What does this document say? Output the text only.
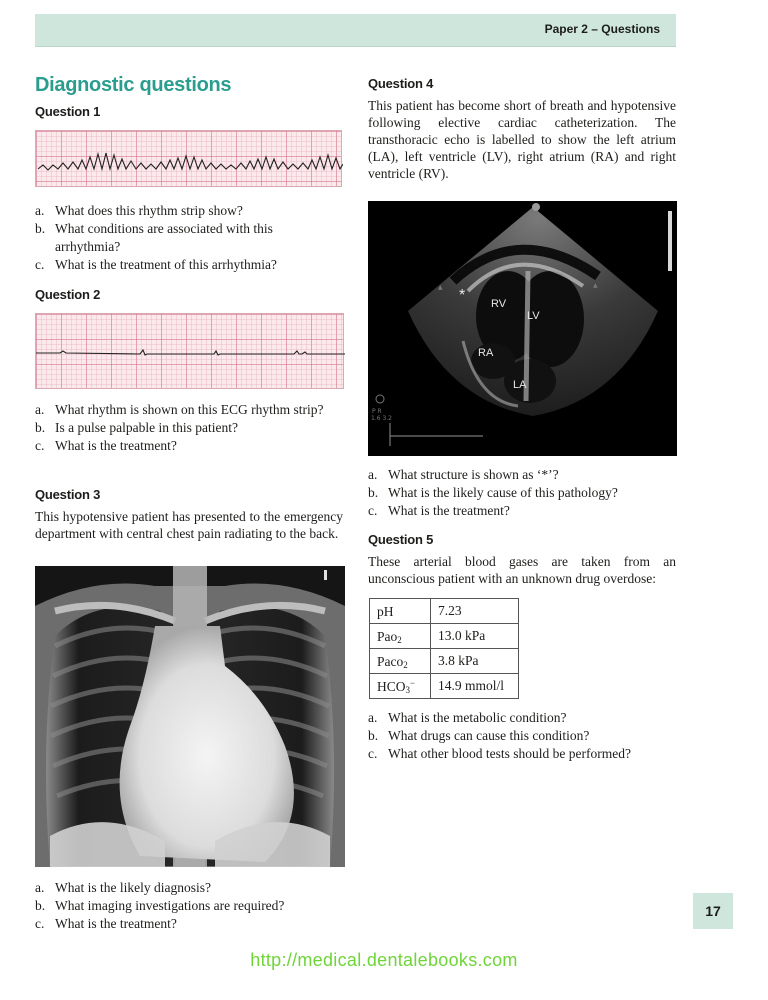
Paper 2 – Questions
Diagnostic questions
Question 1
a. What does this rhythm strip show?
b. What conditions are associated with this arrhythmia?
c. What is the treatment of this arrhythmia?
Question 2
a. What rhythm is shown on this ECG rhythm strip?
b. Is a pulse palpable in this patient?
c. What is the treatment?
Question 3
This hypotensive patient has presented to the emergency department with central chest pain radiating to the back.
a. What is the likely diagnosis?
b. What imaging investigations are required?
c. What is the treatment?
Question 4
This patient has become short of breath and hypotensive following elective cardiac catheterization. The transthoracic echo is labelled to show the left atrium (LA), left ventricle (LV), right atrium (RA) and right ventricle (RV).
P R
1.6 3.2
▲	▲
* RV
LV
RA
LA
a. What structure is shown as ‘*’?
b. What is the likely cause of this pathology?
c. What is the treatment?
Question 5
These arterial blood gases are taken from an unconscious patient with an unknown drug overdose:
pH	7.23
Pao$_2$	13.0 kPa
Paco$_2$	3.8 kPa
$HCO_3^-$	14.9 mmol/l
a. What is the metabolic condition?
b. What drugs can cause this condition?
c. What other blood tests should be performed?
17
http://medical.dentalebooks.com
